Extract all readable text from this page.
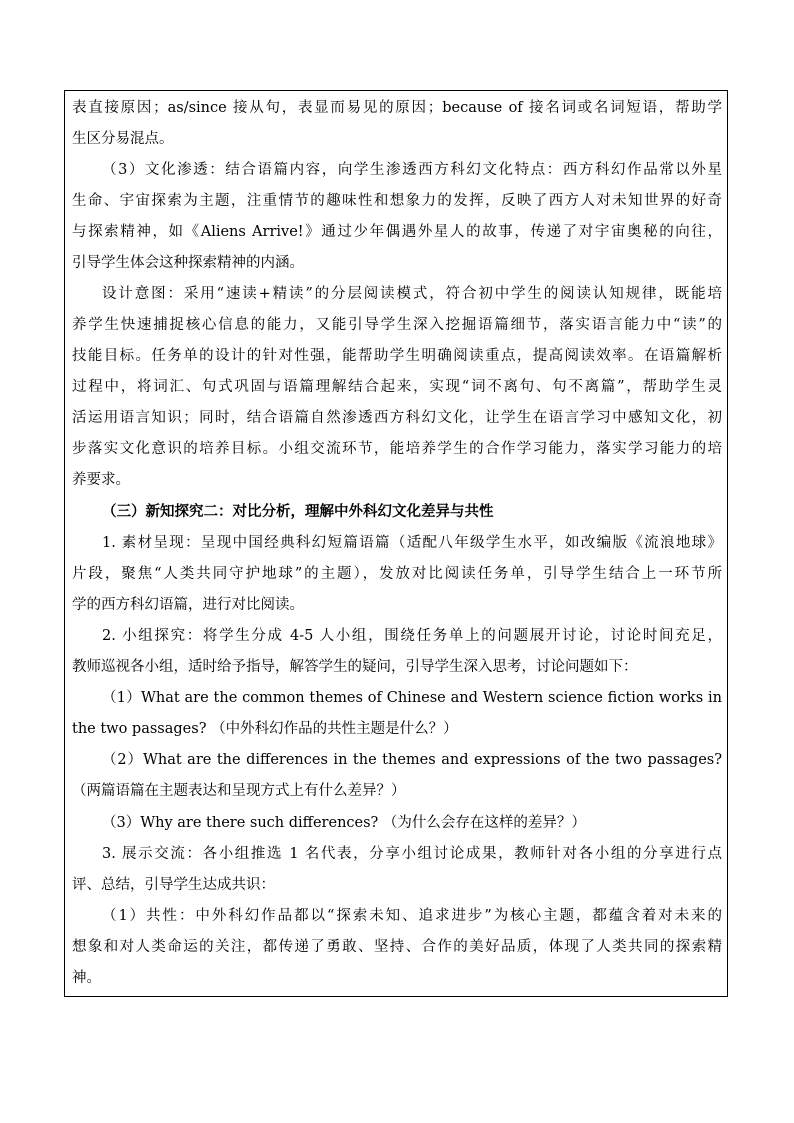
表直接原因；as/since 接从句，表显而易见的原因；because of 接名词或名词短语，帮助学
生区分易混点。
（3）文化渗透：结合语篇内容，向学生渗透西方科幻文化特点：西方科幻作品常以外星
生命、宇宙探索为主题，注重情节的趣味性和想象力的发挥，反映了西方人对未知世界的好奇
与探索精神，如《Aliens Arrive!》通过少年偶遇外星人的故事，传递了对宇宙奥秘的向往，
引导学生体会这种探索精神的内涵。
设计意图：采用“速读+精读”的分层阅读模式，符合初中学生的阅读认知规律，既能培
养学生快速捕捉核心信息的能力，又能引导学生深入挖掘语篇细节，落实语言能力中“读”的
技能目标。任务单的设计的针对性强，能帮助学生明确阅读重点，提高阅读效率。在语篇解析
过程中，将词汇、句式巩固与语篇理解结合起来，实现“词不离句、句不离篇”，帮助学生灵
活运用语言知识；同时，结合语篇自然渗透西方科幻文化，让学生在语言学习中感知文化，初
步落实文化意识的培养目标。小组交流环节，能培养学生的合作学习能力，落实学习能力的培
养要求。
（三）新知探究二：对比分析，理解中外科幻文化差异与共性
1. 素材呈现：呈现中国经典科幻短篇语篇（适配八年级学生水平，如改编版《流浪地球》
片段，聚焦“人类共同守护地球”的主题），发放对比阅读任务单，引导学生结合上一环节所
学的西方科幻语篇，进行对比阅读。
2. 小组探究：将学生分成 4-5 人小组，围绕任务单上的问题展开讨论，讨论时间充足，
教师巡视各小组，适时给予指导，解答学生的疑问，引导学生深入思考，讨论问题如下：
（1）What are the common themes of Chinese and Western science fiction works in
the two passages? （中外科幻作品的共性主题是什么？）
（2）What are the differences in the themes and expressions of the two passages?
（两篇语篇在主题表达和呈现方式上有什么差异？）
（3）Why are there such differences? （为什么会存在这样的差异？）
3. 展示交流：各小组推选 1 名代表，分享小组讨论成果，教师针对各小组的分享进行点
评、总结，引导学生达成共识：
（1）共性：中外科幻作品都以“探索未知、追求进步”为核心主题，都蕴含着对未来的
想象和对人类命运的关注，都传递了勇敢、坚持、合作的美好品质，体现了人类共同的探索精
神。
